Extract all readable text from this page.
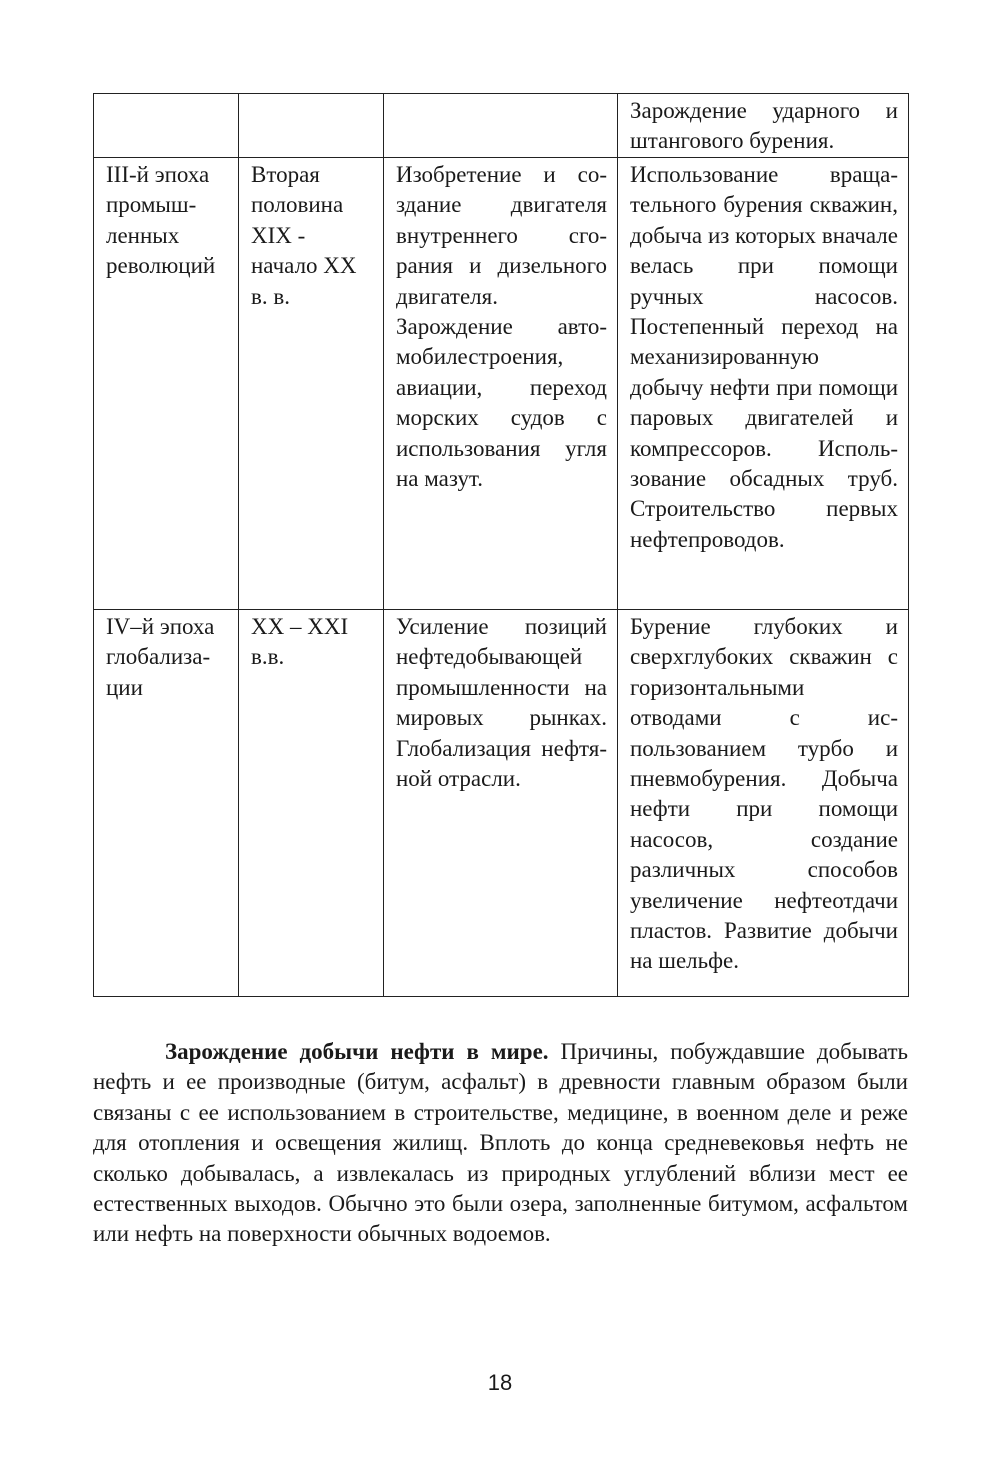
			Зарождение ударного и штангового бурения.
III-й эпоха промышленных революций	Вторая половина XIX - начало XX в. в.	Изобретение и создание двигателя внутреннего сгорания и дизельного двигателя. Зарождение автомобилестроения, авиации, переход морских судов с использования угля на мазут.	Использование вращательного бурения скважин, добыча из которых вначале велась при помощи ручных насосов. Постепенный переход на механизированную добычу нефти при помощи паровых двигателей и компрессоров. Использование обсадных труб. Строительство первых нефтепроводов.
IV–й эпоха глобализации	XX – XXI в.в.	Усиление позиций нефтедобывающей промышленности на мировых рынках. Глобализация нефтяной отрасли.	Бурение глубоких и сверхглубоких скважин с горизонтальными отводами с использованием турбо и пневмобурения. Добыча нефти при помощи насосов, создание различных способов увеличение нефтеотдачи пластов. Развитие добычи на шельфе.

Зарождение добычи нефти в мире. Причины, побуждавшие добывать нефть и ее производные (битум, асфальт) в древности главным образом были связаны с ее использованием в строительстве, медицине, в военном деле и реже для отопления и освещения жилищ. Вплоть до конца средневековья нефть не сколько добывалась, а извлекалась из природных углублений вблизи мест ее естественных выходов. Обычно это были озера, заполненные битумом, асфальтом или нефть на поверхности обычных водоемов.

18
